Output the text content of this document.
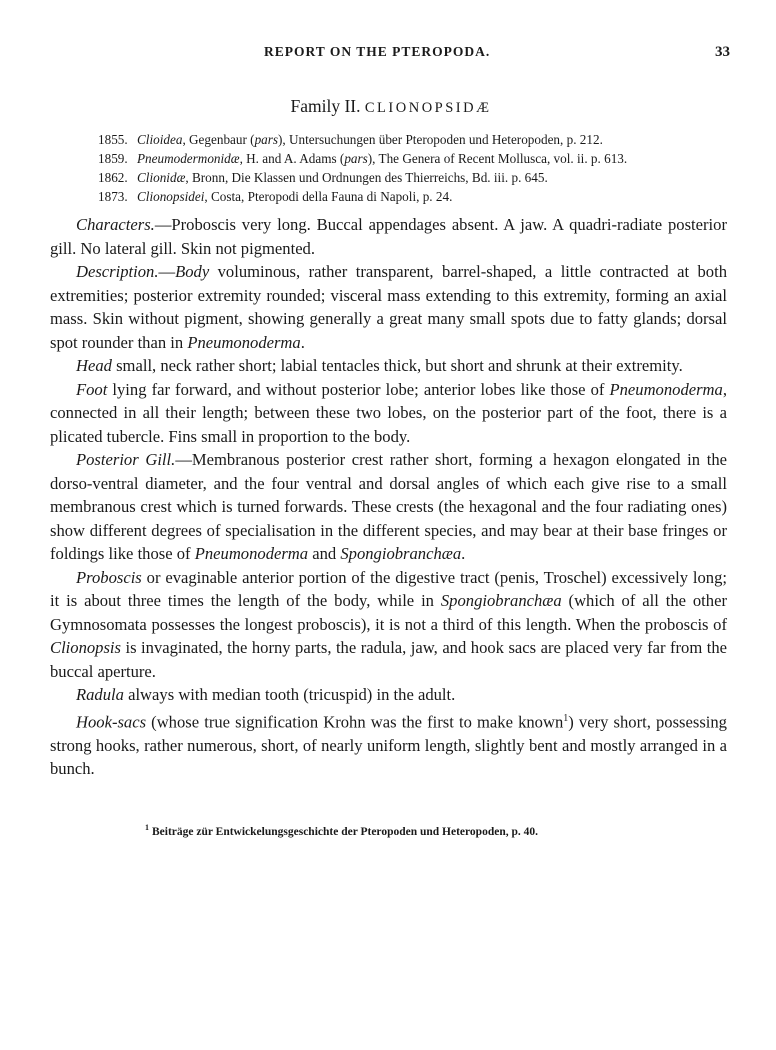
REPORT ON THE PTEROPODA.	33
Family II. CLIONOPSIDÆ
1855. Clioidea, Gegenbaur (pars), Untersuchungen über Pteropoden und Heteropoden, p. 212.
1859. Pneumodermonidæ, H. and A. Adams (pars), The Genera of Recent Mollusca, vol. ii. p. 613.
1862. Clionidæ, Bronn, Die Klassen und Ordnungen des Thierreichs, Bd. iii. p. 645.
1873. Clionopsidei, Costa, Pteropodi della Fauna di Napoli, p. 24.

Characters.—Proboscis very long. Buccal appendages absent. A jaw. A quadri-radiate posterior gill. No lateral gill. Skin not pigmented.

Description.—Body voluminous, rather transparent, barrel-shaped, a little contracted at both extremities; posterior extremity rounded; visceral mass extending to this extremity, forming an axial mass. Skin without pigment, showing generally a great many small spots due to fatty glands; dorsal spot rounder than in Pneumonoderma.

Head small, neck rather short; labial tentacles thick, but short and shrunk at their extremity.

Foot lying far forward, and without posterior lobe; anterior lobes like those of Pneumonoderma, connected in all their length; between these two lobes, on the posterior part of the foot, there is a plicated tubercle. Fins small in proportion to the body.

Posterior Gill.—Membranous posterior crest rather short, forming a hexagon elongated in the dorso-ventral diameter, and the four ventral and dorsal angles of which each give rise to a small membranous crest which is turned forwards. These crests (the hexagonal and the four radiating ones) show different degrees of specialisation in the different species, and may bear at their base fringes or foldings like those of Pneumonoderma and Spongiobranchæa.

Proboscis or evaginable anterior portion of the digestive tract (penis, Troschel) excessively long; it is about three times the length of the body, while in Spongiobranchæa (which of all the other Gymnosomata possesses the longest proboscis), it is not a third of this length. When the proboscis of Clionopsis is invaginated, the horny parts, the radula, jaw, and hook sacs are placed very far from the buccal aperture.

Radula always with median tooth (tricuspid) in the adult.

Hook-sacs (whose true signification Krohn was the first to make known$^1$) very short, possessing strong hooks, rather numerous, short, of nearly uniform length, slightly bent and mostly arranged in a bunch.

$^1$ Beiträge zür Entwickelungsgeschichte der Pteropoden und Heteropoden, p. 40.
